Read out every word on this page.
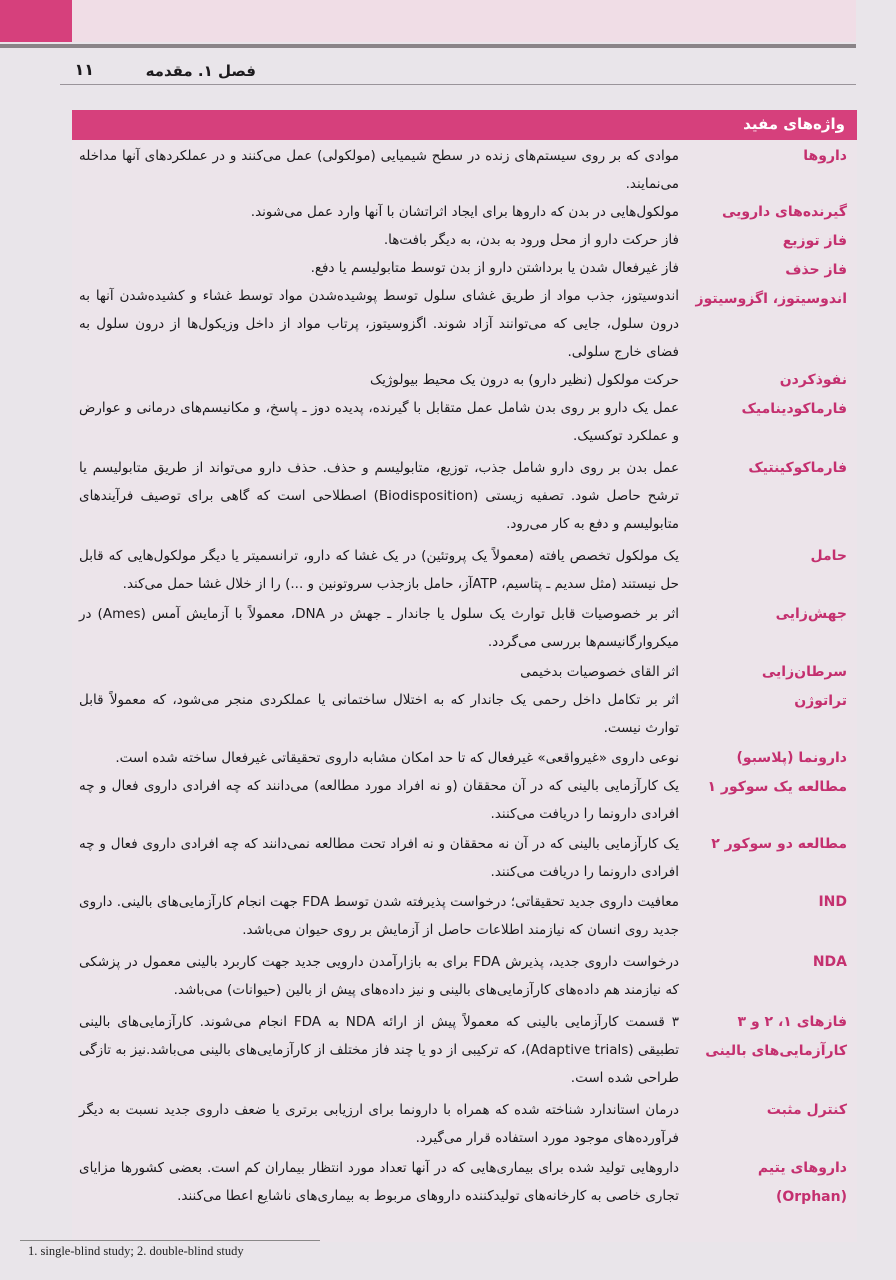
فصل ۱. مقدمه
۱۱
واژه‌های مفید
داروها

موادی که بر روی سیستم‌های زنده در سطح شیمیایی (مولکولی) عمل می‌کنند و در عملکردهای آنها مداخله می‌نمایند.

گیرنده‌های دارویی
فاز توزیع
فاز حذف
اندوسیتوز، اگزوسیتوز

مولکول‌هایی در بدن که داروها برای ایجاد اثراتشان با آنها وارد عمل می‌شوند.

فاز حرکت دارو از محل ورود به بدن، به دیگر بافت‌ها.

فاز غیرفعال شدن یا برداشتن دارو از بدن توسط متابولیسم یا دفع.

اندوسیتوز، جذب مواد از طریق غشای سلول توسط پوشیده‌شدن مواد توسط غشاء و کشیده‌شدن آنها به درون سلول، جایی که می‌توانند آزاد شوند. اگزوسیتوز، پرتاب مواد از داخل وزیکول‌ها از درون سلول به فضای خارج سلولی.

نفوذکردن
فارماکودینامیک

حرکت مولکول (نظیر دارو) به درون یک محیط بیولوژیک

عمل یک دارو بر روی بدن شامل عمل متقابل با گیرنده، پدیده دوز ـ پاسخ، و مکانیسم‌های درمانی و عوارض و عملکرد توکسیک.

فارماکوکینتیک

عمل بدن بر روی دارو شامل جذب، توزیع، متابولیسم و حذف. حذف دارو می‌تواند از طریق متابولیسم یا ترشح حاصل شود. تصفیه زیستی (Biodisposition) اصطلاحی است که گاهی برای توصیف فرآیندهای متابولیسم و دفع به کار می‌رود.

حامل

یک مولکول تخصص یافته (معمولاً یک پروتئین) در یک غشا که دارو، ترانسمیتر یا دیگر مولکول‌هایی که قابل حل نیستند (مثل سدیم ـ پتاسیم، ATPآز، حامل بازجذب سروتونین و ...) را از خلال غشا حمل می‌کند.

جهش‌زایی

اثر بر خصوصیات قابل توارث یک سلول یا جاندار ـ جهش در DNA، معمولاً با آزمایش آمس (Ames) در میکروارگانیسم‌ها بررسی می‌گردد.

سرطان‌زایی
تراتوژن

اثر القای خصوصیات بدخیمی

اثر بر تکامل داخل رحمی یک جاندار که به اختلال ساختمانی یا عملکردی منجر می‌شود، که معمولاً قابل توارث نیست.

دارونما (پلاسبو)
مطالعه یک سوکور ۱

نوعی داروی «غیرواقعی» غیرفعال که تا حد امکان مشابه داروی تحقیقاتی غیرفعال ساخته شده است.

یک کارآزمایی بالینی که در آن محققان (و نه افراد مورد مطالعه) می‌دانند که چه افرادی داروی فعال و چه افرادی دارونما را دریافت می‌کنند.

مطالعه دو سوکور ۲

یک کارآزمایی بالینی که در آن نه محققان و نه افراد تحت مطالعه نمی‌دانند که چه افرادی داروی فعال و چه افرادی دارونما را دریافت می‌کنند.

IND

معافیت داروی جدید تحقیقاتی؛ درخواست پذیرفته شدن توسط FDA جهت انجام کارآزمایی‌های بالینی. داروی جدید روی انسان که نیازمند اطلاعات حاصل از آزمایش بر روی حیوان می‌باشد.

NDA

درخواست داروی جدید، پذیرش FDA برای به بازارآمدن دارویی جدید جهت کاربرد بالینی معمول در پزشکی که نیازمند هم داده‌های کارآزمایی‌های بالینی و نیز داده‌های پیش از بالین (حیوانات) می‌باشد.

فازهای ۱، ۲ و ۳
کارآزمایی‌های بالینی

۳ قسمت کارآزمایی بالینی که معمولاً پیش از ارائه NDA به FDA انجام می‌شوند. کارآزمایی‌های بالینی تطبیقی (Adaptive trials)، که ترکیبی از دو یا چند فاز مختلف از کارآزمایی‌های بالینی می‌باشد.نیز به تازگی طراحی شده است.

کنترل مثبت

درمان استاندارد شناخته شده که همراه با دارونما برای ارزیابی برتری یا ضعف داروی جدید نسبت به دیگر فرآورده‌های موجود مورد استفاده قرار می‌گیرد.

داروهای یتیم
(Orphan)

داروهایی تولید شده برای بیماری‌هایی که در آنها تعداد مورد انتظار بیماران کم است. بعضی کشورها مزایای تجاری خاصی به کارخانه‌های تولیدکننده داروهای مربوط به بیماری‌های ناشایع اعطا می‌کنند.

1. single-blind study; 2. double-blind study
